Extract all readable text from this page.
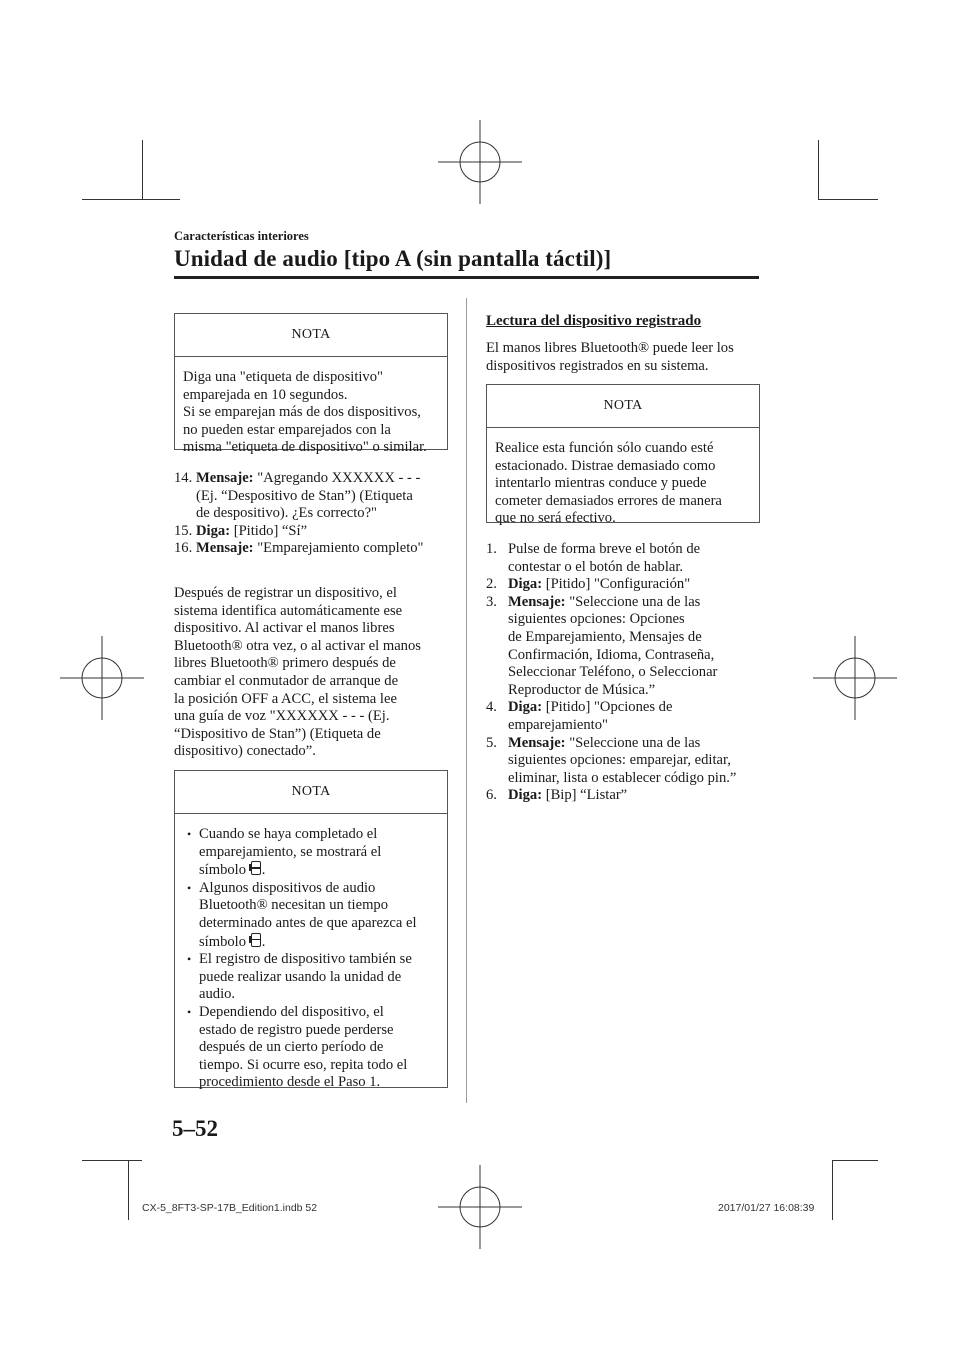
Características interiores
Unidad de audio [tipo A (sin pantalla táctil)]
NOTA
Diga una "etiqueta de dispositivo"
emparejada en 10 segundos.
Si se emparejan más de dos dispositivos,
no pueden estar emparejados con la
misma "etiqueta de dispositivo" o similar.
14. Mensaje: "Agregando XXXXXX - - -
(Ej. “Despositivo de Stan”) (Etiqueta
de despositivo). ¿Es correcto?"
15. Diga: [Pitido] “Sí”
16. Mensaje: "Emparejamiento completo"
Después de registrar un dispositivo, el
sistema identifica automáticamente ese
dispositivo. Al activar el manos libres
Bluetooth® otra vez, o al activar el manos
libres Bluetooth® primero después de
cambiar el conmutador de arranque de
la posición OFF a ACC, el sistema lee
una guía de voz "XXXXXX - - - (Ej.
“Dispositivo de Stan”) (Etiqueta de
dispositivo) conectado”.
NOTA
• Cuando se haya completado el
emparejamiento, se mostrará el
símbolo .
• Algunos dispositivos de audio
Bluetooth® necesitan un tiempo
determinado antes de que aparezca el
símbolo .
• El registro de dispositivo también se
puede realizar usando la unidad de
audio.
• Dependiendo del dispositivo, el
estado de registro puede perderse
después de un cierto período de
tiempo. Si ocurre eso, repita todo el
procedimiento desde el Paso 1.
Lectura del dispositivo registrado
El manos libres Bluetooth® puede leer los
dispositivos registrados en su sistema.
NOTA
Realice esta función sólo cuando esté
estacionado. Distrae demasiado como
intentarlo mientras conduce y puede
cometer demasiados errores de manera
que no será efectivo.
1. Pulse de forma breve el botón de
contestar o el botón de hablar.
2. Diga: [Pitido] "Configuración"
3. Mensaje: "Seleccione una de las
siguientes opciones: Opciones
de Emparejamiento, Mensajes de
Confirmación, Idioma, Contraseña,
Seleccionar Teléfono, o Seleccionar
Reproductor de Música.”
4. Diga: [Pitido] "Opciones de
emparejamiento"
5. Mensaje: "Seleccione una de las
siguientes opciones: emparejar, editar,
eliminar, lista o establecer código pin.”
6. Diga: [Bip] “Listar”
5–52
CX-5_8FT3-SP-17B_Edition1.indb 52	2017/01/27 16:08:39
